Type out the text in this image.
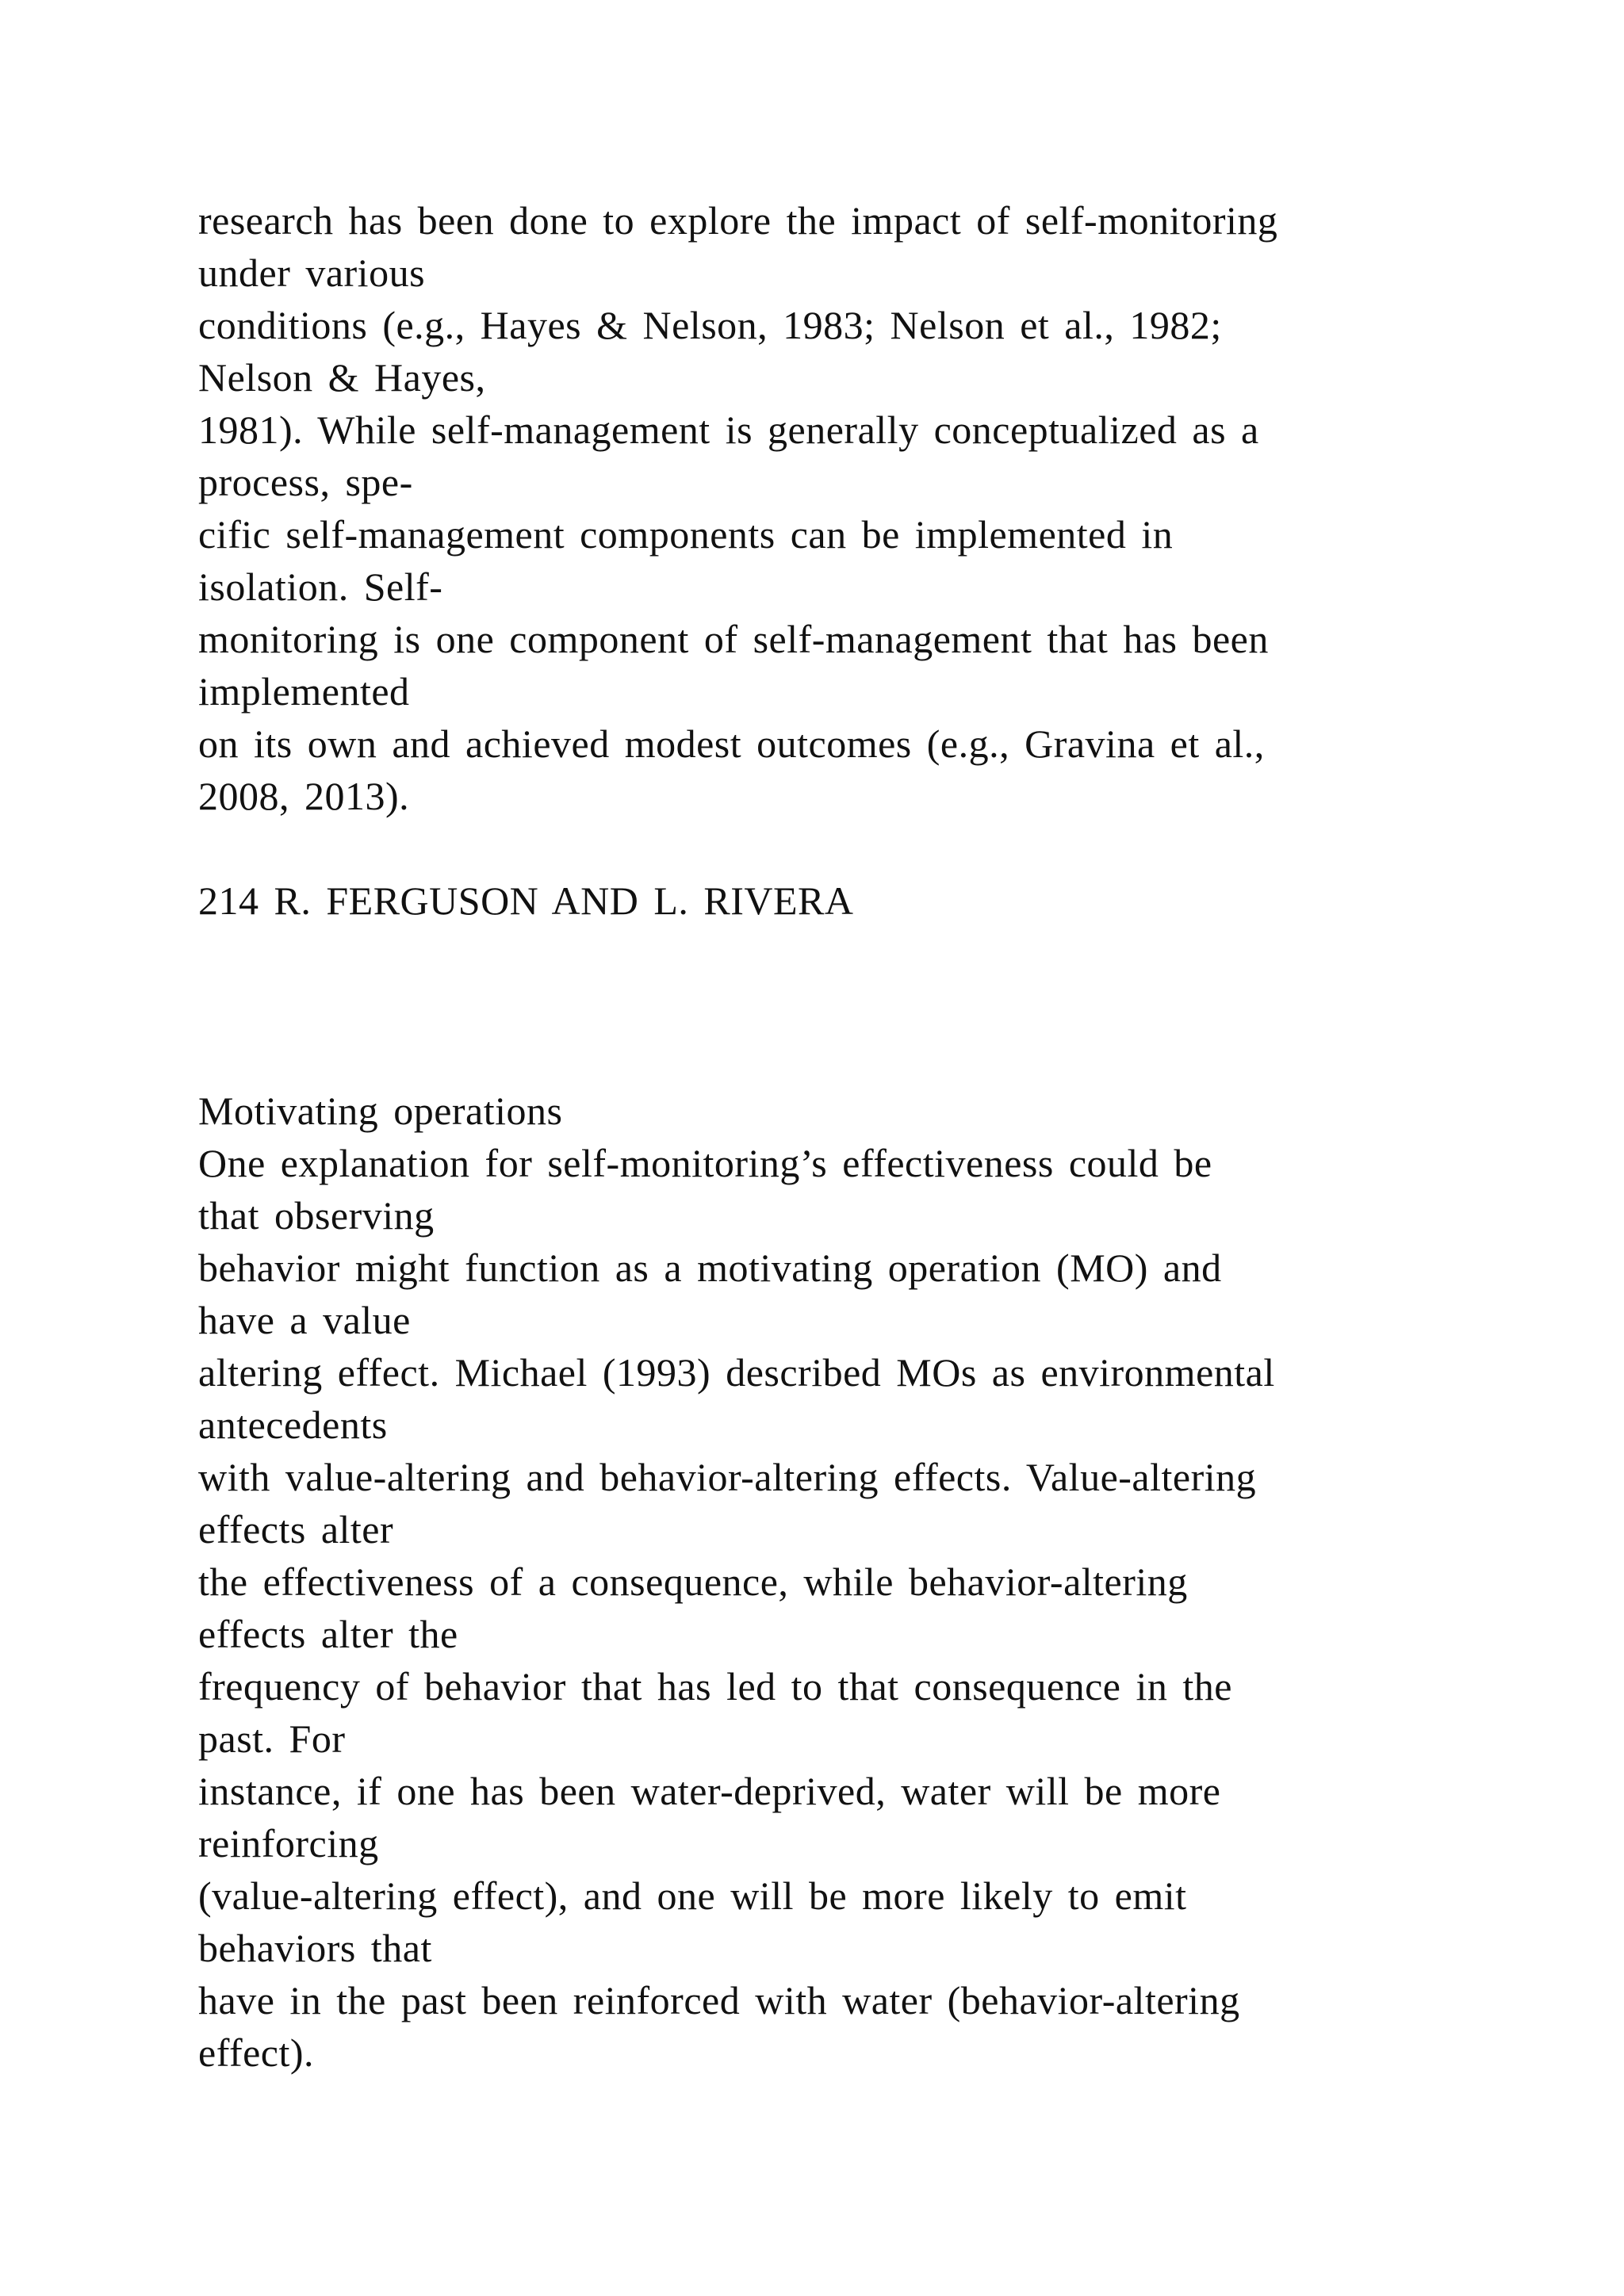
research has been done to explore the impact of self-monitoring
under various
conditions (e.g., Hayes & Nelson, 1983; Nelson et al., 1982;
Nelson & Hayes,
1981). While self-management is generally conceptualized as a
process, spe-
cific self-management components can be implemented in
isolation. Self-
monitoring is one component of self-management that has been
implemented
on its own and achieved modest outcomes (e.g., Gravina et al.,
2008, 2013).
214 R. FERGUSON AND L. RIVERA
Motivating operations
One explanation for self-monitoring’s effectiveness could be
that observing
behavior might function as a motivating operation (MO) and
have a value
altering effect. Michael (1993) described MOs as environmental
antecedents
with value-altering and behavior-altering effects. Value-altering
effects alter
the effectiveness of a consequence, while behavior-altering
effects alter the
frequency of behavior that has led to that consequence in the
past. For
instance, if one has been water-deprived, water will be more
reinforcing
(value-altering effect), and one will be more likely to emit
behaviors that
have in the past been reinforced with water (behavior-altering
effect).
